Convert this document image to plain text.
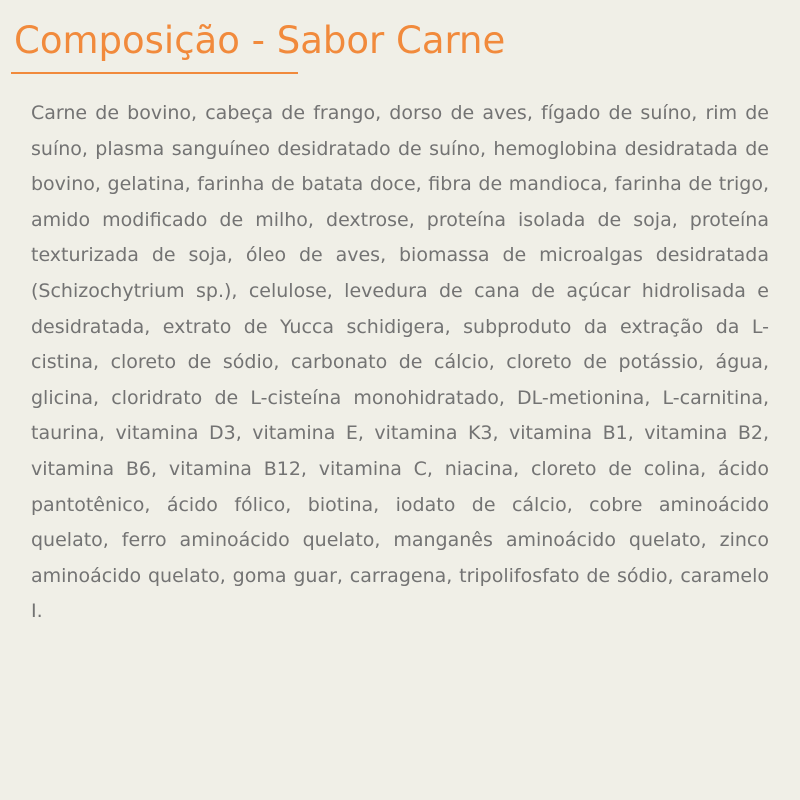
Composição - Sabor Carne

Carne de bovino, cabeça de frango, dorso de aves, fígado de suíno, rim de suíno, plasma sanguíneo desidratado de suíno, hemoglobina desidratada de bovino, gelatina, farinha de batata doce, fibra de mandioca, farinha de trigo, amido modificado de milho, dextrose, proteína isolada de soja, proteína texturizada de soja, óleo de aves, biomassa de microalgas desidratada (Schizochytrium sp.), celulose, levedura de cana de açúcar hidrolisada e desidratada, extrato de Yucca schidigera, subproduto da extração da L-cistina, cloreto de sódio, carbonato de cálcio, cloreto de potássio, água, glicina, cloridrato de L-cisteína monohidratado, DL-metionina, L-carnitina, taurina, vitamina D3, vitamina E, vitamina K3, vitamina B1, vitamina B2, vitamina B6, vitamina B12, vitamina C, niacina, cloreto de colina, ácido pantotênico, ácido fólico, biotina, iodato de cálcio, cobre aminoácido quelato, ferro aminoácido quelato, manganês aminoácido quelato, zinco aminoácido quelato, goma guar, carragena, tripolifosfato de sódio, caramelo I.
